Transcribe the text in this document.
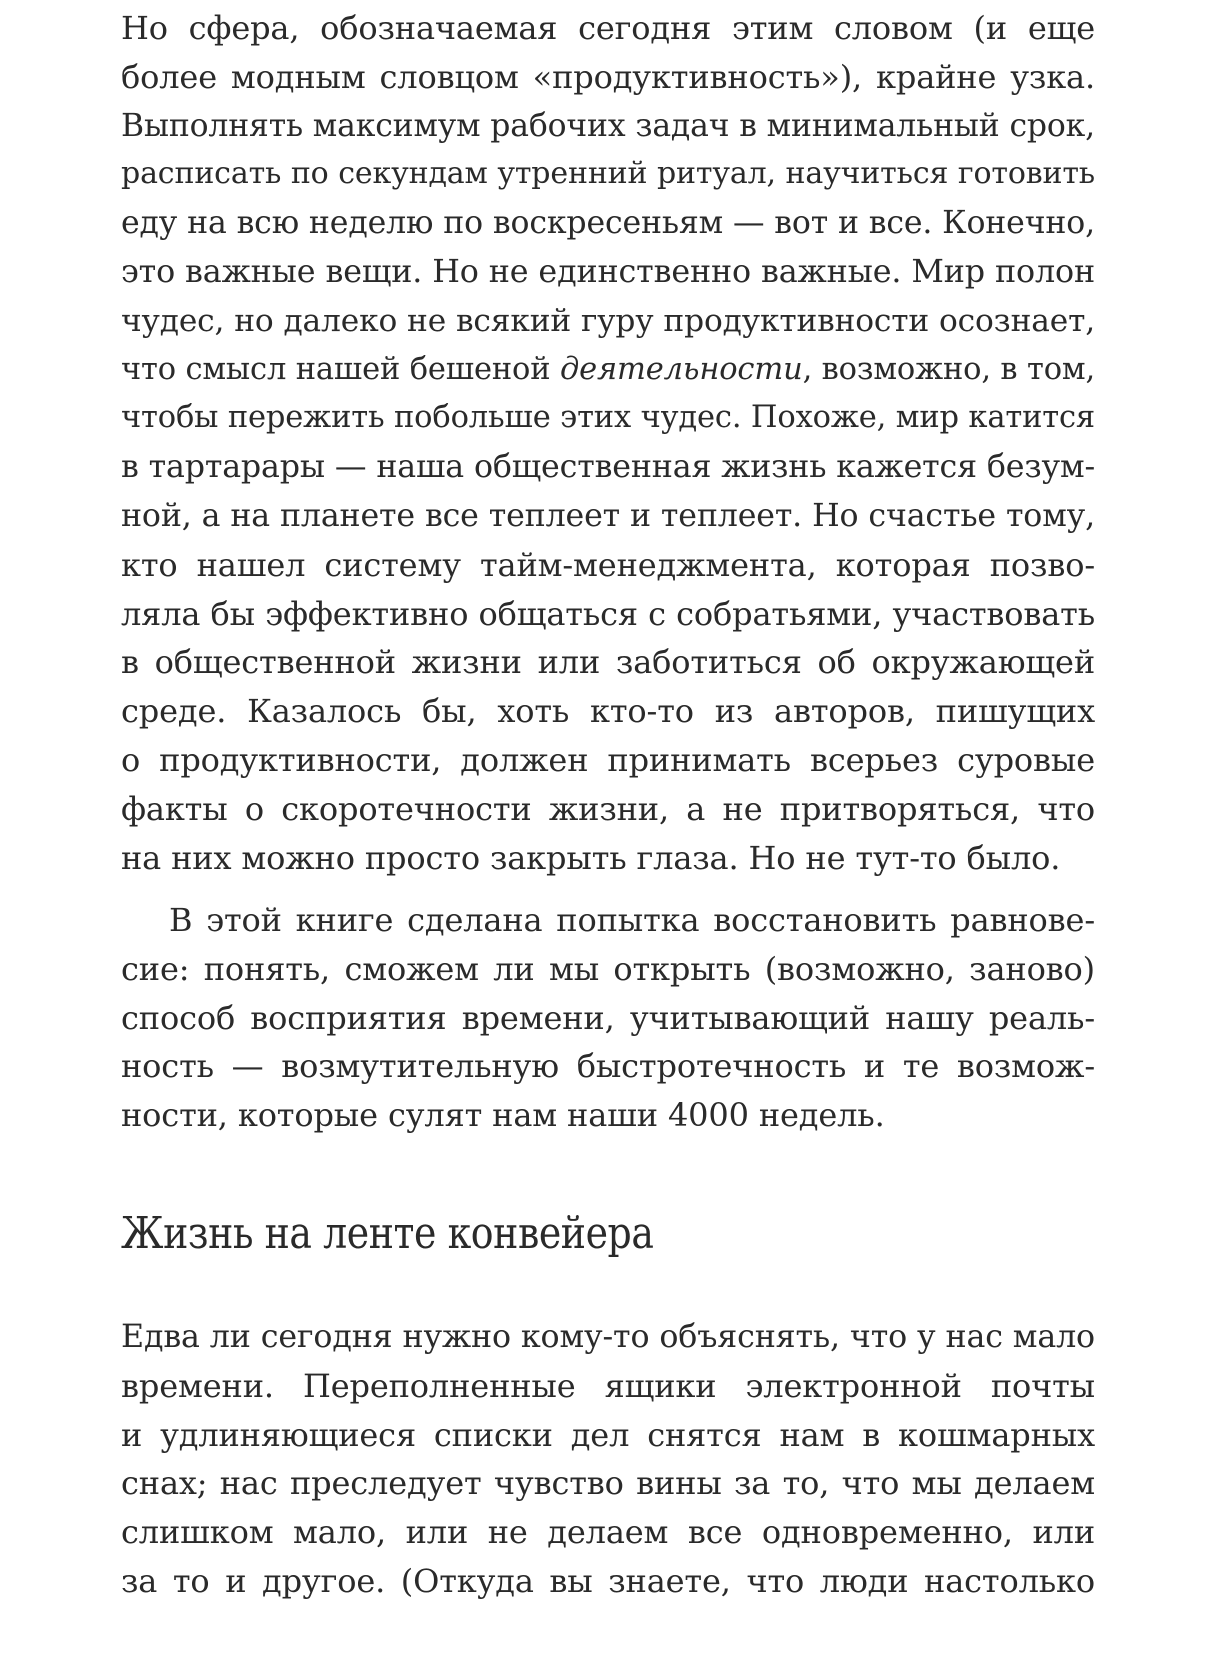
Но сфера, обозначаемая сегодня этим словом (и еще
более модным словцом «продуктивность»), крайне узка.
Выполнять максимум рабочих задач в минимальный срок,
расписать по секундам утренний ритуал, научиться готовить
еду на всю неделю по воскресеньям — вот и все. Конечно,
это важные вещи. Но не единственно важные. Мир полон
чудес, но далеко не всякий гуру продуктивности осознает,
что смысл нашей бешеной деятельности, возможно, в том,
чтобы пережить побольше этих чудес. Похоже, мир катится
в тартарары — наша общественная жизнь кажется безум-
ной, а на планете все теплеет и теплеет. Но счастье тому,
кто нашел систему тайм-менеджмента, которая позво-
ляла бы эффективно общаться с собратьями, участвовать
в общественной жизни или заботиться об окружающей
среде. Казалось бы, хоть кто-то из авторов, пишущих
о продуктивности, должен принимать всерьез суровые
факты о скоротечности жизни, а не притворяться, что
на них можно просто закрыть глаза. Но не тут-то было.

В этой книге сделана попытка восстановить равнове-
сие: понять, сможем ли мы открыть (возможно, заново)
способ восприятия времени, учитывающий нашу реаль-
ность — возмутительную быстротечность и те возмож-
ности, которые сулят нам наши 4000 недель.

Жизнь на ленте конвейера

Едва ли сегодня нужно кому-то объяснять, что у нас мало
времени. Переполненные ящики электронной почты
и удлиняющиеся списки дел снятся нам в кошмарных
снах; нас преследует чувство вины за то, что мы делаем
слишком мало, или не делаем все одновременно, или
за то и другое. (Откуда вы знаете, что люди настолько
